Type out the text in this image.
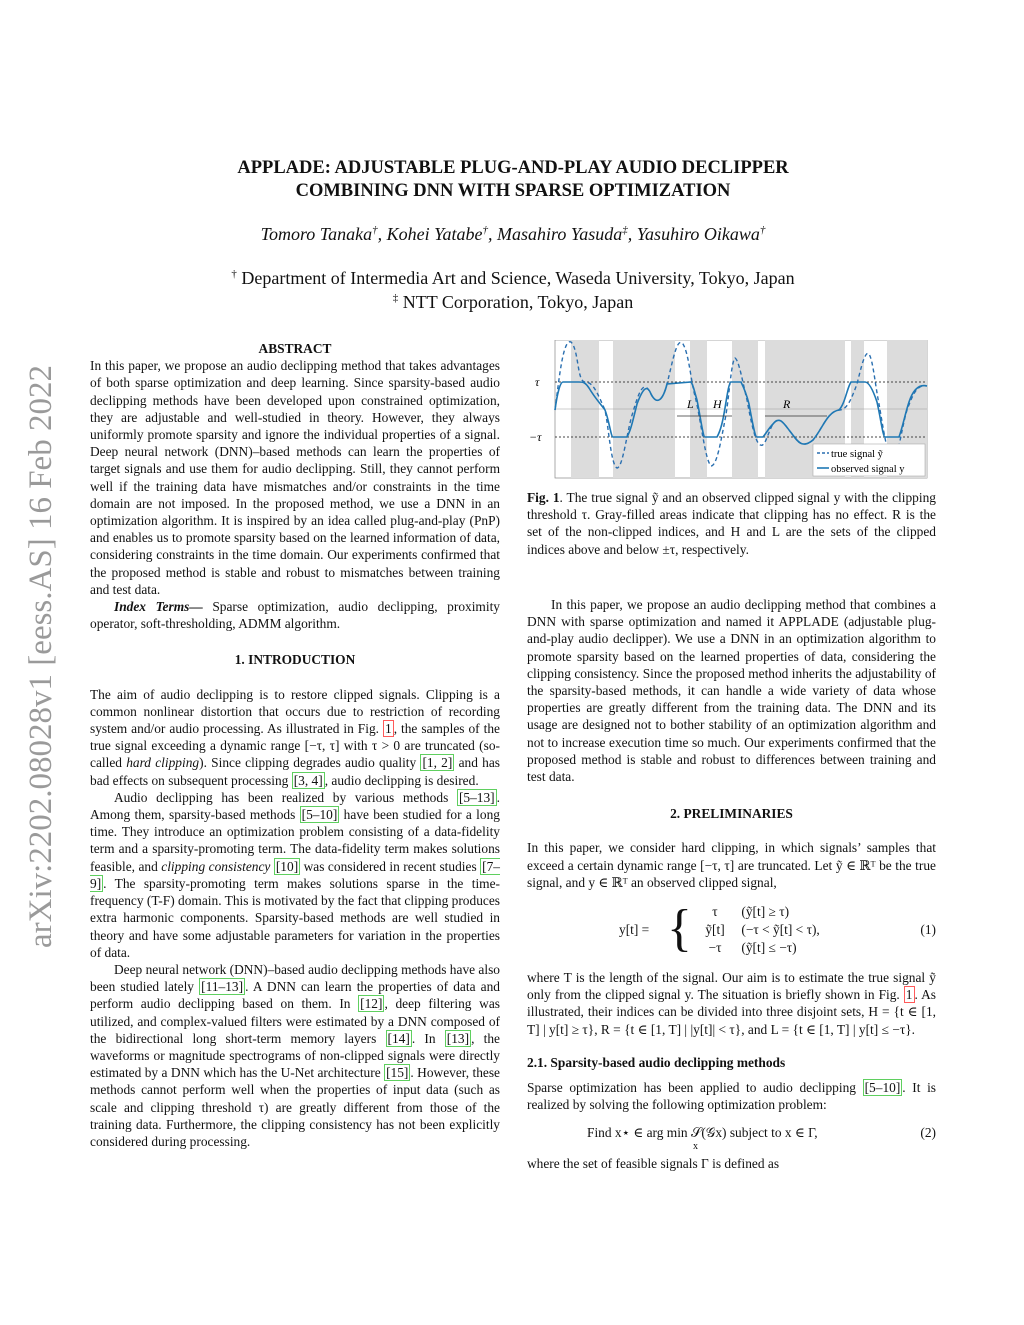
arXiv:2202.08028v1 [eess.AS] 16 Feb 2022
APPLADE: ADJUSTABLE PLUG-AND-PLAY AUDIO DECLIPPER
COMBINING DNN WITH SPARSE OPTIMIZATION
Tomoro Tanaka†, Kohei Yatabe†, Masahiro Yasuda‡, Yasuhiro Oikawa†
† Department of Intermedia Art and Science, Waseda University, Tokyo, Japan
‡ NTT Corporation, Tokyo, Japan

ABSTRACT

In this paper, we propose an audio declipping method that takes advantages of both sparse optimization and deep learning. Since sparsity-based audio declipping methods have been developed upon constrained optimization, they are adjustable and well-studied in theory. However, they always uniformly promote sparsity and ignore the individual properties of a signal. Deep neural network (DNN)–based methods can learn the properties of target signals and use them for audio declipping. Still, they cannot perform well if the training data have mismatches and/or constraints in the time domain are not imposed. In the proposed method, we use a DNN in an optimization algorithm. It is inspired by an idea called plug-and-play (PnP) and enables us to promote sparsity based on the learned information of data, considering constraints in the time domain. Our experiments confirmed that the proposed method is stable and robust to mismatches between training and test data.

Index Terms— Sparse optimization, audio declipping, proximity operator, soft-thresholding, ADMM algorithm.

1. INTRODUCTION

The aim of audio declipping is to restore clipped signals. Clipping is a common nonlinear distortion that occurs due to restriction of recording system and/or audio processing. As illustrated in Fig. 1 , the samples of the true signal exceeding a dynamic range [−τ, τ] with τ > 0 are truncated (so-called hard clipping). Since clipping degrades audio quality [1, 2] and has bad effects on subsequent processing [3, 4] , audio declipping is desired.

Audio declipping has been realized by various methods [5–13] . Among them, sparsity-based methods [5–10] have been studied for a long time. They introduce an optimization problem consisting of a data-fidelity term and a sparsity-promoting term. The data-fidelity term makes solutions feasible, and clipping consistency [10] was considered in recent studies [7–9] . The sparsity-promoting term makes solutions sparse in the time-frequency (T-F) domain. This is motivated by the fact that clipping produces extra harmonic components. Sparsity-based methods are well studied in theory and have some adjustable parameters for variation in the properties of data.

Deep neural network (DNN)–based audio declipping methods have also been studied lately [11–13] . A DNN can learn the properties of data and perform audio declipping based on them. In [12] , deep filtering was utilized, and complex-valued filters were estimated by a DNN composed of the bidirectional long short-term memory layers [14] . In [13] , the waveforms or magnitude spectrograms of non-clipped signals were directly estimated by a DNN which has the U-Net architecture [15] . However, these methods cannot perform well when the properties of input data (such as scale and clipping threshold τ) are greatly different from those of the training data. Furthermore, the clipping consistency has not been explicitly considered during processing.

τ
−τ
L H	R
true signal ỹ
observed signal y
Fig. 1. The true signal ỹ and an observed clipped signal y with the clipping threshold τ. Gray-filled areas indicate that clipping has no effect. R is the set of the non-clipped indices, and H and L are the sets of the clipped indices above and below ±τ, respectively.

In this paper, we propose an audio declipping method that combines a DNN with sparse optimization and named it APPLADE (adjustable plug-and-play audio declipper). We use a DNN in an optimization algorithm to promote sparsity based on the learned properties of data, considering the clipping consistency. Since the proposed method inherits the adjustability of the sparsity-based methods, it can handle a wide variety of data whose properties are greatly different from the training data. The DNN and its usage are designed not to bother stability of an optimization algorithm and not to increase execution time so much. Our experiments confirmed that the proposed method is stable and robust to differences between training and test data.

2. PRELIMINARIES

In this paper, we consider hard clipping, in which signals’ samples that exceed a certain dynamic range [−τ, τ] are truncated. Let ỹ ∈ ℝᵀ be the true signal, and y ∈ ℝᵀ an observed clipped signal,

y[t] = {	τ (ỹ[t] ≥ τ)
ỹ[t] (−τ < ỹ[t] < τ),
−τ (ỹ[t] ≤ −τ)
(1)

where T is the length of the signal. Our aim is to estimate the true signal ỹ only from the clipped signal y. The situation is briefly shown in Fig. 1 . As illustrated, their indices can be divided into three disjoint sets, H = {t ∈ [1, T] | y[t] ≥ τ}, R = {t ∈ [1, T] | |y[t]| < τ}, and L = {t ∈ [1, T] | y[t] ≤ −τ}.

2.1. Sparsity-based audio declipping methods

Sparse optimization has been applied to audio declipping [5–10] . It is realized by solving the following optimization problem:

Find x⋆ ∈ arg min 𝒮(𝒢x) subject to x ∈ Γ,
x
(2)

where the set of feasible signals Γ is defined as
